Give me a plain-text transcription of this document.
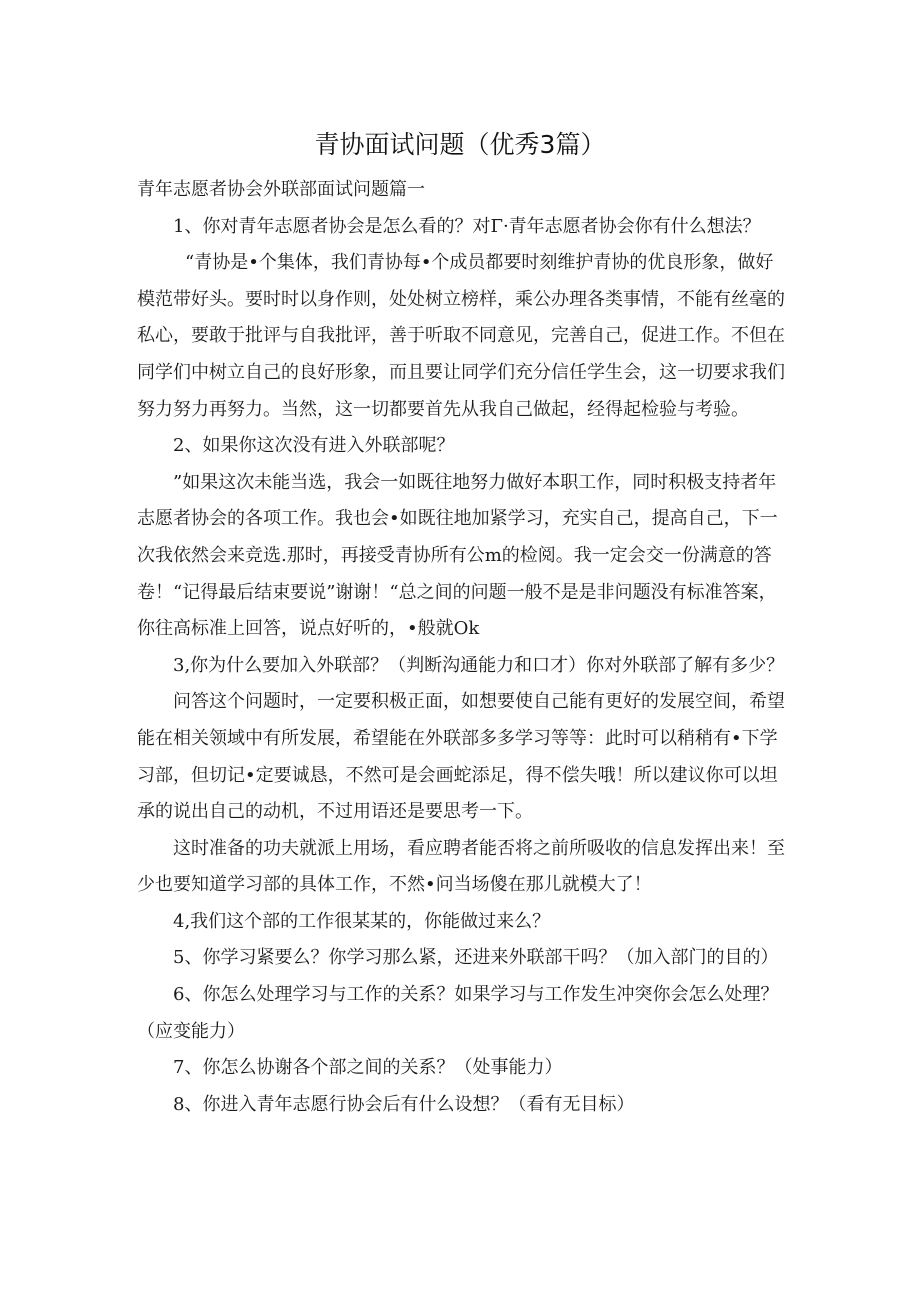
青协面试问题（优秀3篇）

青年志愿者协会外联部面试问题篇一

1、你对青年志愿者协会是怎么看的？对Γ·青年志愿者协会你有什么想法？

“青协是•个集体，我们青协每•个成员都要时刻维护青协的优良形象，做好模范带好头。要时时以身作则，处处树立榜样，乘公办理各类事情，不能有丝毫的私心，要敢于批评与自我批评，善于听取不同意见，完善自己，促进工作。不但在同学们中树立自己的良好形象，而且要让同学们充分信任学生会，这一切要求我们努力努力再努力。当然，这一切都要首先从我自己做起，经得起检验与考验。

2、如果你这次没有进入外联部呢？

”如果这次未能当选，我会一如既往地努力做好本职工作，同时积极支持者年志愿者协会的各项工作。我也会•如既往地加紧学习，充实自己，提高自己，下一次我依然会来竞选.那时，再接受青协所有公m的检阅。我一定会交一份满意的答卷！“记得最后结束要说”谢谢！“总之间的问题一般不是是非问题没有标准答案，你往高标准上回答，说点好听的，•般就Ok

3,你为什么要加入外联部？（判断沟通能力和口才）你对外联部了解有多少？

问答这个问题时，一定要积极正面，如想要使自己能有更好的发展空间，希望能在相关领域中有所发展，希望能在外联部多多学习等等：此时可以稍稍有•下学习部，但切记•定要诚恳，不然可是会画蛇添足，得不偿失哦！所以建议你可以坦承的说出自己的动机，不过用语还是要思考一下。

这时准备的功夫就派上用场，看应聘者能否将之前所吸收的信息发挥出来！至少也要知道学习部的具体工作，不然•问当场傻在那儿就模大了！

4,我们这个部的工作很某某的，你能做过来么？

5、你学习紧要么？你学习那么紧，还进来外联部干吗？（加入部门的目的）

6、你怎么处理学习与工作的关系？如果学习与工作发生冲突你会怎么处理？（应变能力）

7、你怎么协谢各个部之间的关系？（处事能力）

8、你进入青年志愿行协会后有什么设想？（看有无目标）
